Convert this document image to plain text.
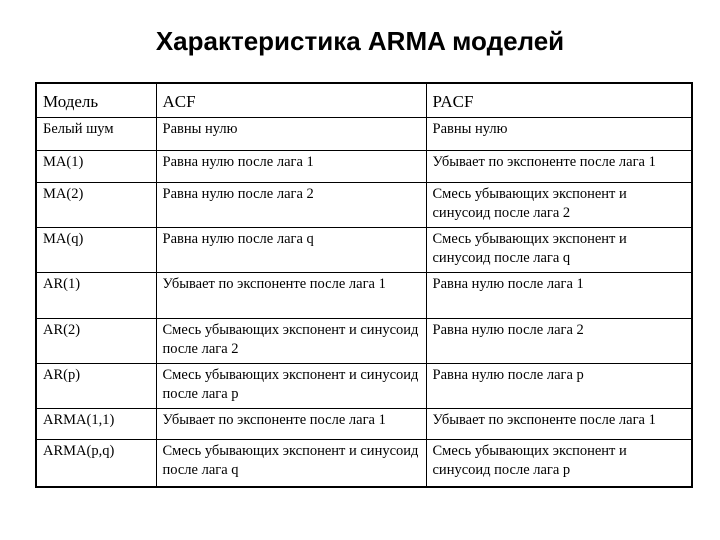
Характеристика ARMA моделей
Модель	ACF	PACF
Белый шум	Равны нулю	Равны нулю
MA(1)	Равна нулю после лага 1	Убывает по экспоненте после лага 1
MA(2)	Равна нулю после лага 2	Смесь убывающих экспонент и синусоид после лага 2
MA(q)	Равна нулю после лага q	Смесь убывающих экспонент и синусоид после лага q
AR(1)	Убывает по экспоненте после лага 1	Равна нулю после лага 1
AR(2)	Смесь убывающих экспонент и синусоид после лага 2	Равна нулю после лага 2
AR(p)	Смесь убывающих экспонент и синусоид после лага p	Равна нулю после лага p
ARMA(1,1)	Убывает по экспоненте после лага 1	Убывает по экспоненте после лага 1
ARMA(p,q)	Смесь убывающих экспонент и синусоид после лага q	Смесь убывающих экспонент и синусоид после лага p
